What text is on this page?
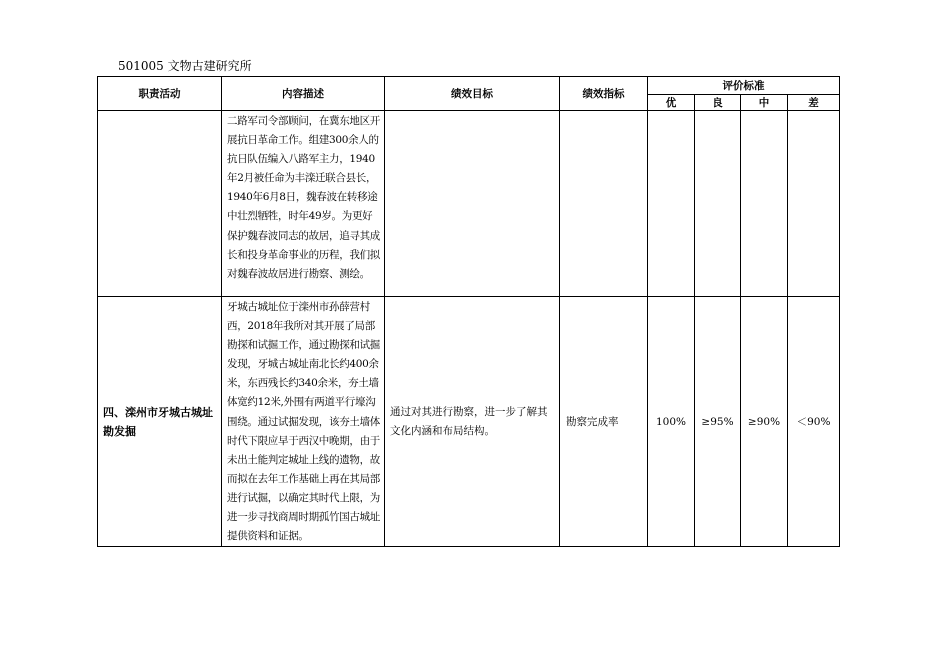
501005 文物古建研究所
职责活动	内容描述	绩效目标	绩效指标	评价标准			
				优	良	中	差
	二路军司令部顾问，在冀东地区开展抗日革命工作。组建300余人的抗日队伍编入八路军主力，1940年2月被任命为丰滦迁联合县长，1940年6月8日，魏春波在转移途中壮烈牺牲，时年49岁。为更好保护魏春波同志的故居，追寻其成长和投身革命事业的历程，我们拟对魏春波故居进行勘察、测绘。						
四、滦州市牙城古城址勘发掘	牙城古城址位于滦州市孙薛营村西，2018年我所对其开展了局部勘探和试掘工作，通过勘探和试掘发现，牙城古城址南北长约400余米，东西残长约340余米，夯土墙体宽约12米,外围有两道平行壕沟围绕。通过试掘发现，该夯土墙体时代下限应早于西汉中晚期，由于未出土能判定城址上线的遗物，故而拟在去年工作基础上再在其局部进行试掘，以确定其时代上限，为进一步寻找商周时期孤竹国古城址提供资料和证据。	通过对其进行勘察，进一步了解其文化内涵和布局结构。	勘察完成率	100%	≥95%	≥90%	＜90%
